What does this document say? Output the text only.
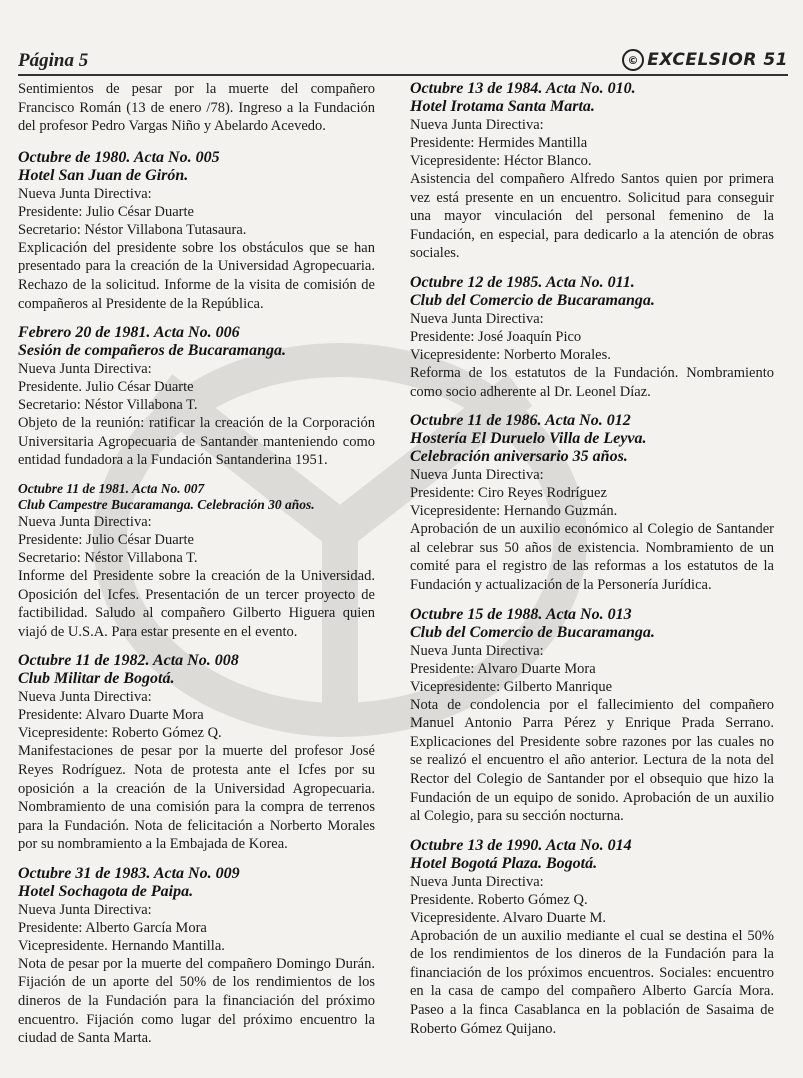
Página 5	© EXCELSIOR 51

Sentimientos de pesar por la muerte del compañero Francisco Román (13 de enero /78). Ingreso a la Fundación del profesor Pedro Vargas Niño y Abelardo Acevedo.

Octubre de 1980. Acta No. 005
Hotel San Juan de Girón.

Nueva Junta Directiva:

Presidente: Julio César Duarte

Secretario: Néstor Villabona Tutasaura.

Explicación del presidente sobre los obstáculos que se han presentado para la creación de la Universidad Agropecuaria. Rechazo de la solicitud. Informe de la visita de comisión de compañeros al Presidente de la República.

Febrero 20 de 1981. Acta No. 006
Sesión de compañeros de Bucaramanga.

Nueva Junta Directiva:

Presidente. Julio César Duarte

Secretario: Néstor Villabona T.

Objeto de la reunión: ratificar la creación de la Corporación Universitaria Agropecuaria de Santander manteniendo como entidad fundadora a la Fundación Santanderina 1951.

Octubre 11 de 1981. Acta No. 007
Club Campestre Bucaramanga. Celebración 30 años.

Nueva Junta Directiva:

Presidente: Julio César Duarte

Secretario: Néstor Villabona T.

Informe del Presidente sobre la creación de la Universidad. Oposición del Icfes. Presentación de un tercer proyecto de factibilidad. Saludo al compañero Gilberto Higuera quien viajó de U.S.A. Para estar presente en el evento.

Octubre 11 de 1982. Acta No. 008
Club Militar de Bogotá.

Nueva Junta Directiva:

Presidente: Alvaro Duarte Mora

Vicepresidente: Roberto Gómez Q.

Manifestaciones de pesar por la muerte del profesor José Reyes Rodríguez. Nota de protesta ante el Icfes por su oposición a la creación de la Universidad Agropecuaria. Nombramiento de una comisión para la compra de terrenos para la Fundación. Nota de felicitación a Norberto Morales por su nombramiento a la Embajada de Korea.

Octubre 31 de 1983. Acta No. 009
Hotel Sochagota de Paipa.

Nueva Junta Directiva:

Presidente: Alberto García Mora

Vicepresidente. Hernando Mantilla.

Nota de pesar por la muerte del compañero Domingo Durán. Fijación de un aporte del 50% de los rendimientos de los dineros de la Fundación para la financiación del próximo encuentro. Fijación como lugar del próximo encuentro la ciudad de Santa Marta.

Octubre 13 de 1984. Acta No. 010.
Hotel Irotama Santa Marta.

Nueva Junta Directiva:

Presidente: Hermides Mantilla

Vicepresidente: Héctor Blanco.

Asistencia del compañero Alfredo Santos quien por primera vez está presente en un encuentro. Solicitud para conseguir una mayor vinculación del personal femenino de la Fundación, en especial, para dedicarlo a la atención de obras sociales.

Octubre 12 de 1985. Acta No. 011.
Club del Comercio de Bucaramanga.

Nueva Junta Directiva:

Presidente: José Joaquín Pico

Vicepresidente: Norberto Morales.

Reforma de los estatutos de la Fundación. Nombramiento como socio adherente al Dr. Leonel Díaz.

Octubre 11 de 1986. Acta No. 012
Hostería El Duruelo Villa de Leyva.
Celebración aniversario 35 años.

Nueva Junta Directiva:

Presidente: Ciro Reyes Rodríguez

Vicepresidente: Hernando Guzmán.

Aprobación de un auxilio económico al Colegio de Santander al celebrar sus 50 años de existencia. Nombramiento de un comité para el registro de las reformas a los estatutos de la Fundación y actualización de la Personería Jurídica.

Octubre 15 de 1988. Acta No. 013
Club del Comercio de Bucaramanga.

Nueva Junta Directiva:

Presidente: Alvaro Duarte Mora

Vicepresidente: Gilberto Manrique

Nota de condolencia por el fallecimiento del compañero Manuel Antonio Parra Pérez y Enrique Prada Serrano. Explicaciones del Presidente sobre razones por las cuales no se realizó el encuentro el año anterior. Lectura de la nota del Rector del Colegio de Santander por el obsequio que hizo la Fundación de un equipo de sonido. Aprobación de un auxilio al Colegio, para su sección nocturna.

Octubre 13 de 1990. Acta No. 014
Hotel Bogotá Plaza. Bogotá.

Nueva Junta Directiva:

Presidente. Roberto Gómez Q.

Vicepresidente. Alvaro Duarte M.

Aprobación de un auxilio mediante el cual se destina el 50% de los rendimientos de los dineros de la Fundación para la financiación de los próximos encuentros. Sociales: encuentro en la casa de campo del compañero Alberto García Mora. Paseo a la finca Casablanca en la población de Sasaima de Roberto Gómez Quijano.
